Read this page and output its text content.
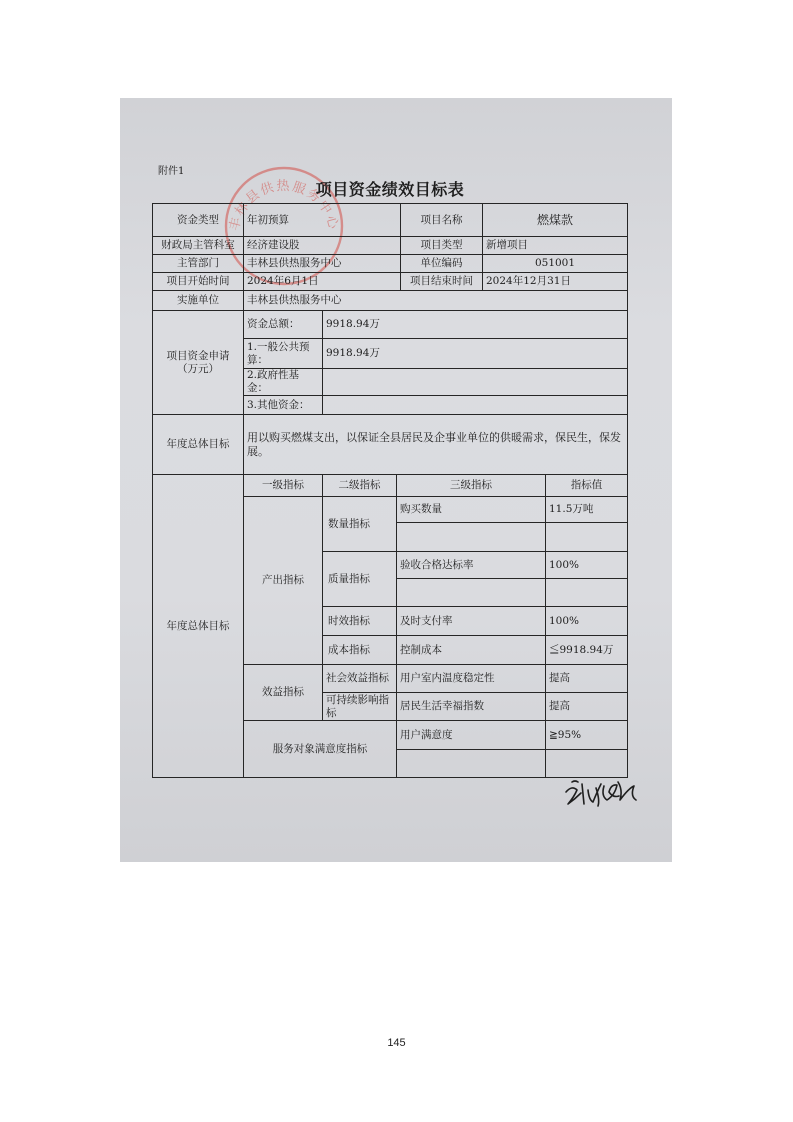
附件1
丰林县供热服务中心
项目资金绩效目标表
资金类型	年初预算	项目名称	燃煤款
财政局主管科室	经济建设股	项目类型	新增项目
主管部门	丰林县供热服务中心	单位编码	051001
项目开始时间	2024年6月1日	项目结束时间	2024年12月31日
实施单位	丰林县供热服务中心		
项目资金申请
（万元）	资金总额：	9918.94万
	1.一般公共预算：	9918.94万
	2.政府性基金：	
	3.其他资金：	
年度总体目标	用以购买燃煤支出，以保证全县居民及企事业单位的供暖需求，保民生，保发展。	
年度总体目标	一级指标	二级指标	三级指标	指标值
	产出指标	数量指标	购买数量	11.5万吨

		质量指标	验收合格达标率	100%

		时效指标	及时支付率	100%
		成本指标	控制成本	≦9918.94万
	效益指标	社会效益指标	用户室内温度稳定性	提高
		可持续影响指标	居民生活幸福指数	提高
	服务对象满意度指标		用户满意度	≧95%

145
